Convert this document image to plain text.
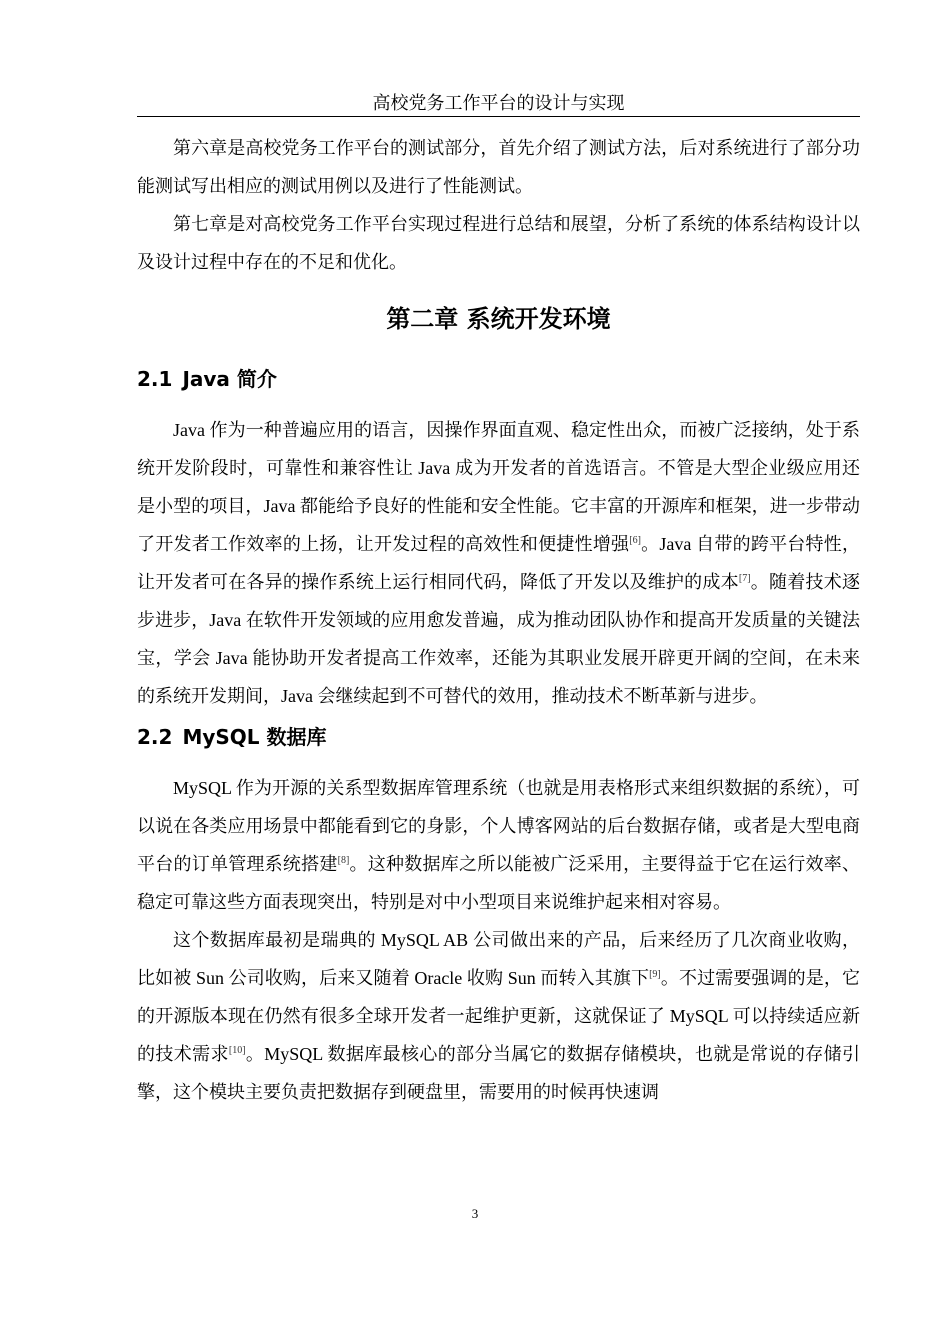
高校党务工作平台的设计与实现

第六章是高校党务工作平台的测试部分，首先介绍了测试方法，后对系统进行了部分功能测试写出相应的测试用例以及进行了性能测试。

第七章是对高校党务工作平台实现过程进行总结和展望，分析了系统的体系结构设计以及设计过程中存在的不足和优化。

第二章 系统开发环境
2.1 Java 简介

Java 作为一种普遍应用的语言，因操作界面直观、稳定性出众，而被广泛接纳，处于系统开发阶段时，可靠性和兼容性让 Java 成为开发者的首选语言。不管是大型企业级应用还是小型的项目，Java 都能给予良好的性能和安全性能。它丰富的开源库和框架，进一步带动了开发者工作效率的上扬，让开发过程的高效性和便捷性增强[6]。Java 自带的跨平台特性，让开发者可在各异的操作系统上运行相同代码，降低了开发以及维护的成本[7]。随着技术逐步进步，Java 在软件开发领域的应用愈发普遍，成为推动团队协作和提高开发质量的关键法宝，学会 Java 能协助开发者提高工作效率，还能为其职业发展开辟更开阔的空间，在未来的系统开发期间，Java 会继续起到不可替代的效用，推动技术不断革新与进步。

2.2 MySQL 数据库

MySQL 作为开源的关系型数据库管理系统（也就是用表格形式来组织数据的系统），可以说在各类应用场景中都能看到它的身影，个人博客网站的后台数据存储，或者是大型电商平台的订单管理系统搭建[8]。这种数据库之所以能被广泛采用，主要得益于它在运行效率、稳定可靠这些方面表现突出，特别是对中小型项目来说维护起来相对容易。

这个数据库最初是瑞典的 MySQL AB 公司做出来的产品，后来经历了几次商业收购，比如被 Sun 公司收购，后来又随着 Oracle 收购 Sun 而转入其旗下[9]。不过需要强调的是，它的开源版本现在仍然有很多全球开发者一起维护更新，这就保证了 MySQL 可以持续适应新的技术需求[10]。MySQL 数据库最核心的部分当属它的数据存储模块，也就是常说的存储引擎，这个模块主要负责把数据存到硬盘里，需要用的时候再快速调

3
